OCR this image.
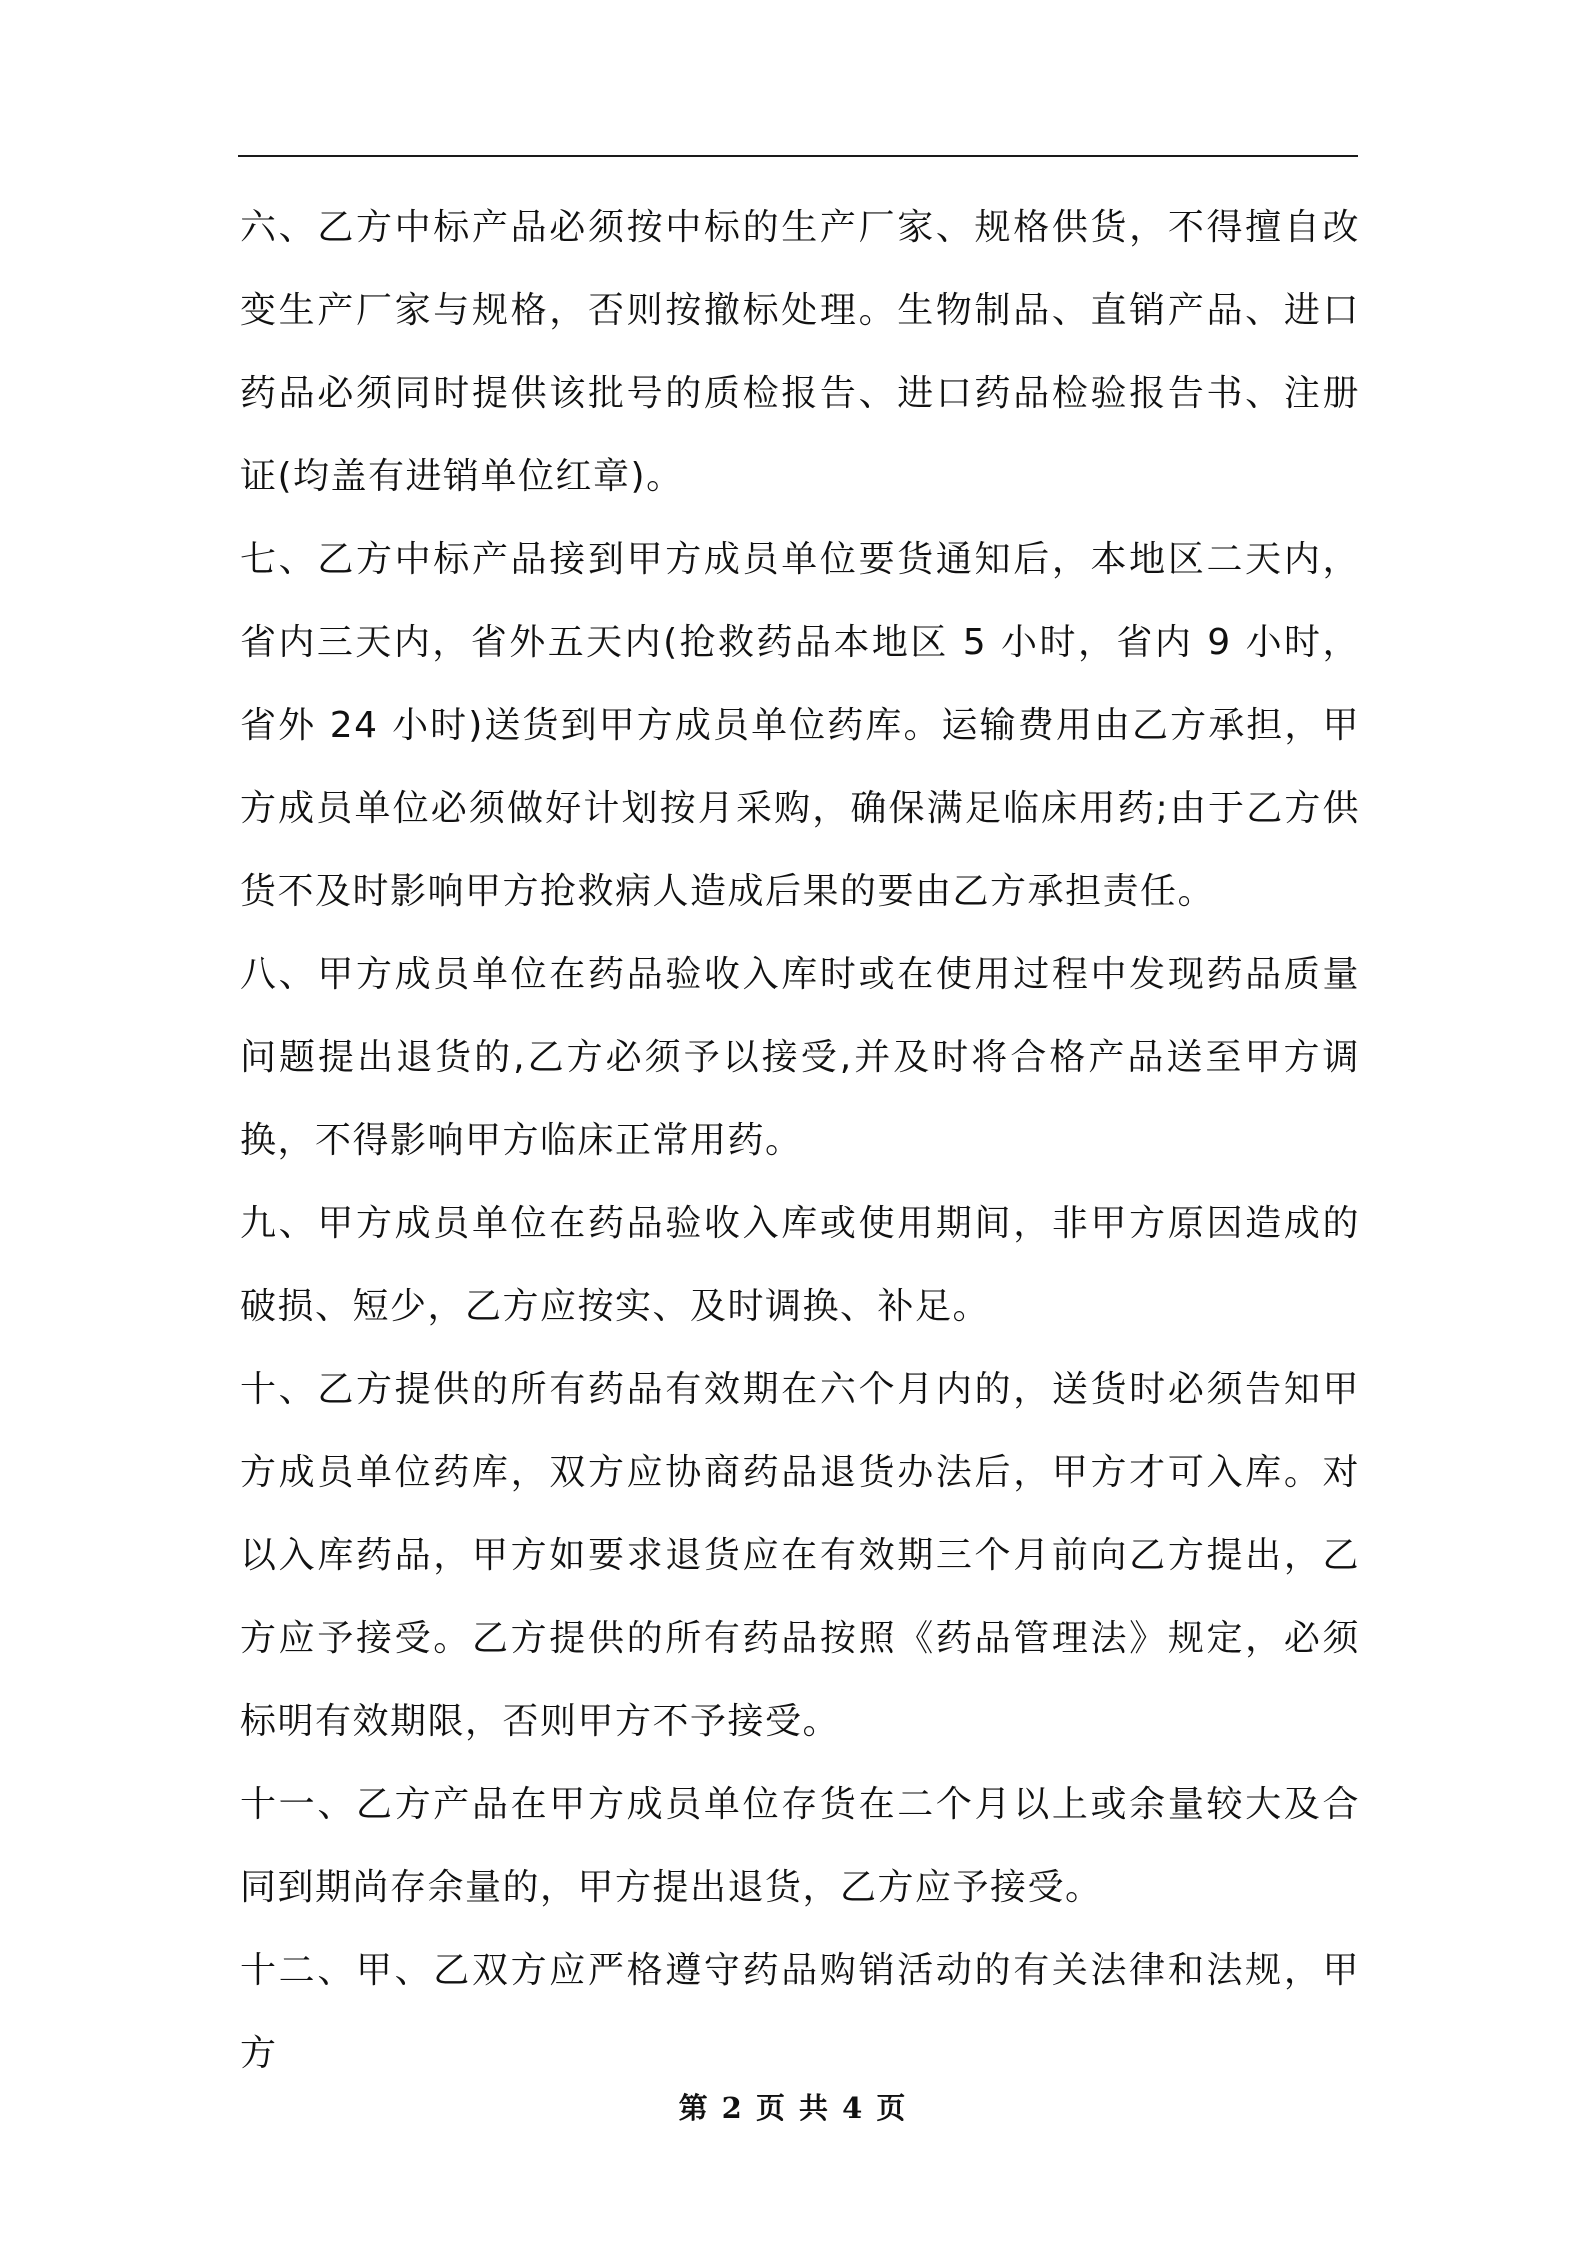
六、乙方中标产品必须按中标的生产厂家、规格供货，不得擅自改变生产厂家与规格，否则按撤标处理。生物制品、直销产品、进口药品必须同时提供该批号的质检报告、进口药品检验报告书、注册证(均盖有进销单位红章)。

七、乙方中标产品接到甲方成员单位要货通知后，本地区二天内，省内三天内，省外五天内(抢救药品本地区 5 小时，省内 9 小时，省外 24 小时)送货到甲方成员单位药库。运输费用由乙方承担，甲方成员单位必须做好计划按月采购，确保满足临床用药;由于乙方供货不及时影响甲方抢救病人造成后果的要由乙方承担责任。

八、甲方成员单位在药品验收入库时或在使用过程中发现药品质量问题提出退货的,乙方必须予以接受,并及时将合格产品送至甲方调换，不得影响甲方临床正常用药。

九、甲方成员单位在药品验收入库或使用期间，非甲方原因造成的破损、短少，乙方应按实、及时调换、补足。

十、乙方提供的所有药品有效期在六个月内的，送货时必须告知甲方成员单位药库，双方应协商药品退货办法后，甲方才可入库。对以入库药品，甲方如要求退货应在有效期三个月前向乙方提出，乙方应予接受。乙方提供的所有药品按照《药品管理法》规定，必须标明有效期限，否则甲方不予接受。

十一、乙方产品在甲方成员单位存货在二个月以上或余量较大及合同到期尚存余量的，甲方提出退货，乙方应予接受。

十二、甲、乙双方应严格遵守药品购销活动的有关法律和法规，甲方

第 2 页 共 4 页
